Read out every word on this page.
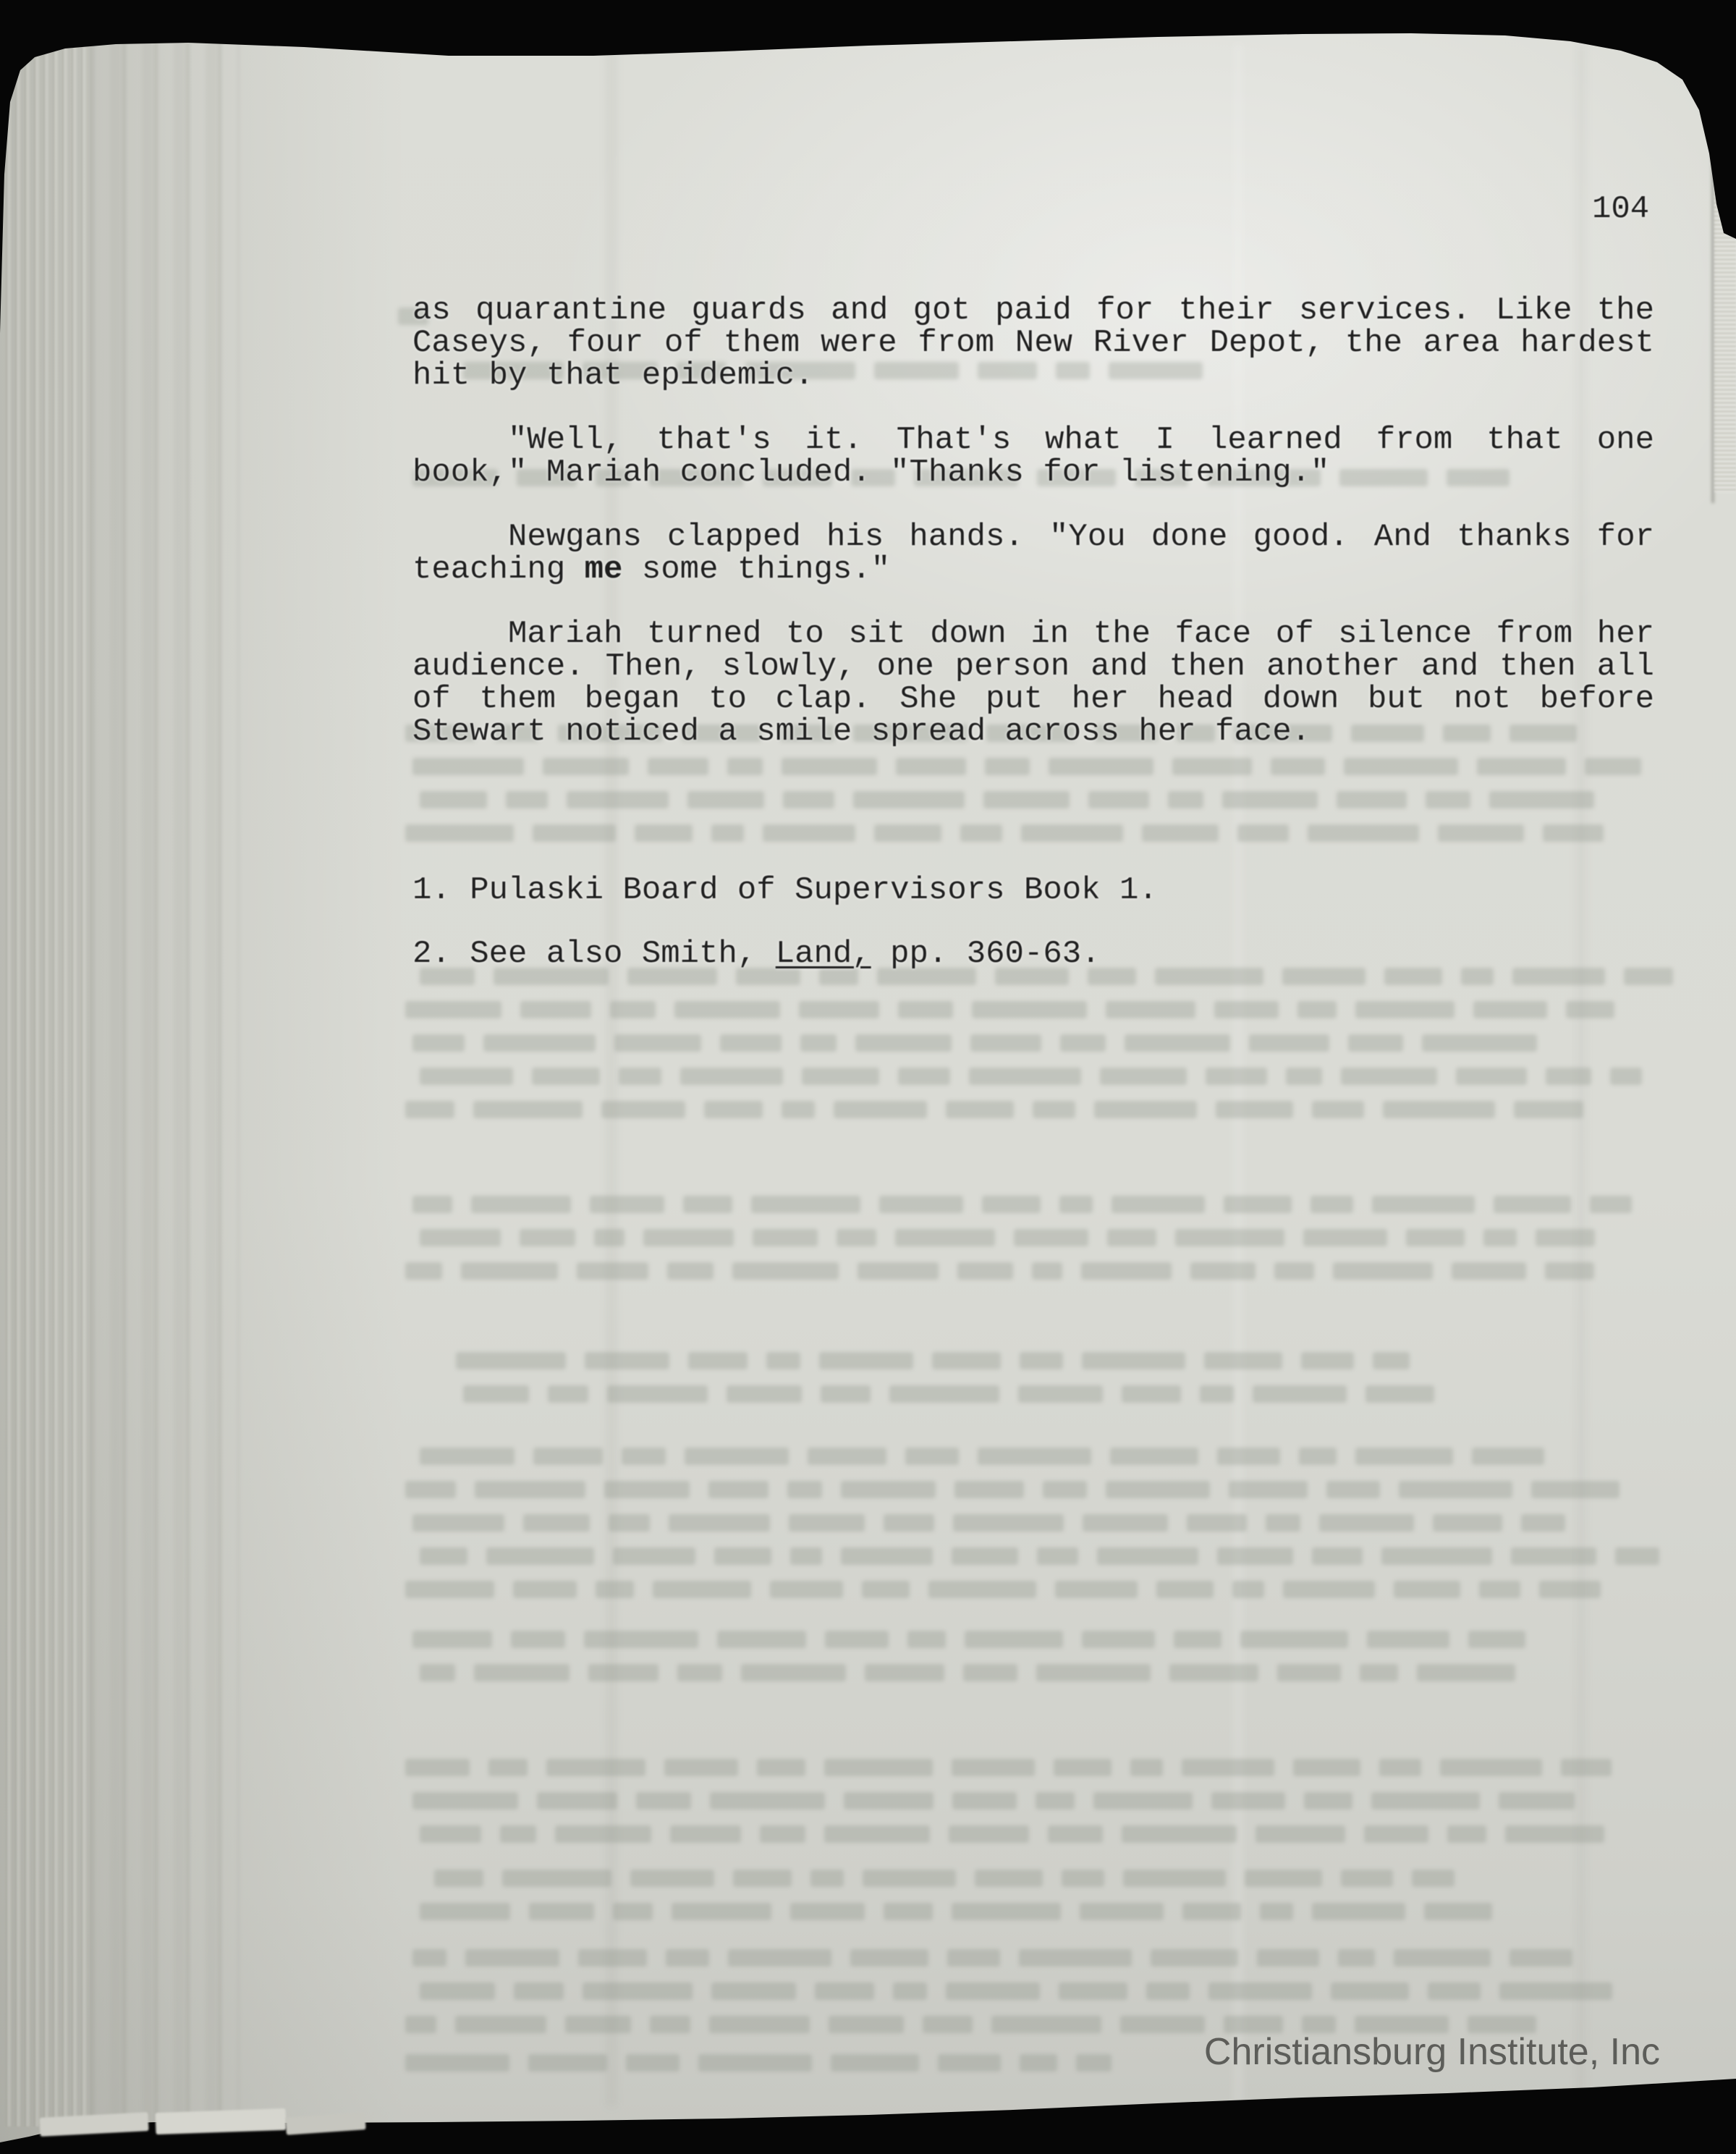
104

as quarantine guards and got paid for their services. Like the Caseys, four of them were from New River Depot, the area hardest hit by that epidemic.

"Well, that's it. That's what I learned from that one book," Mariah concluded. "Thanks for listening."

Newgans clapped his hands. "You done good. And thanks for teaching me some things."

Mariah turned to sit down in the face of silence from her audience. Then, slowly, one person and then another and then all of them began to clap. She put her head down but not before Stewart noticed a smile spread across her face.

1. Pulaski Board of Supervisors Book 1.

2. See also Smith, Land, pp. 360-63.

Christiansburg Institute, Inc
